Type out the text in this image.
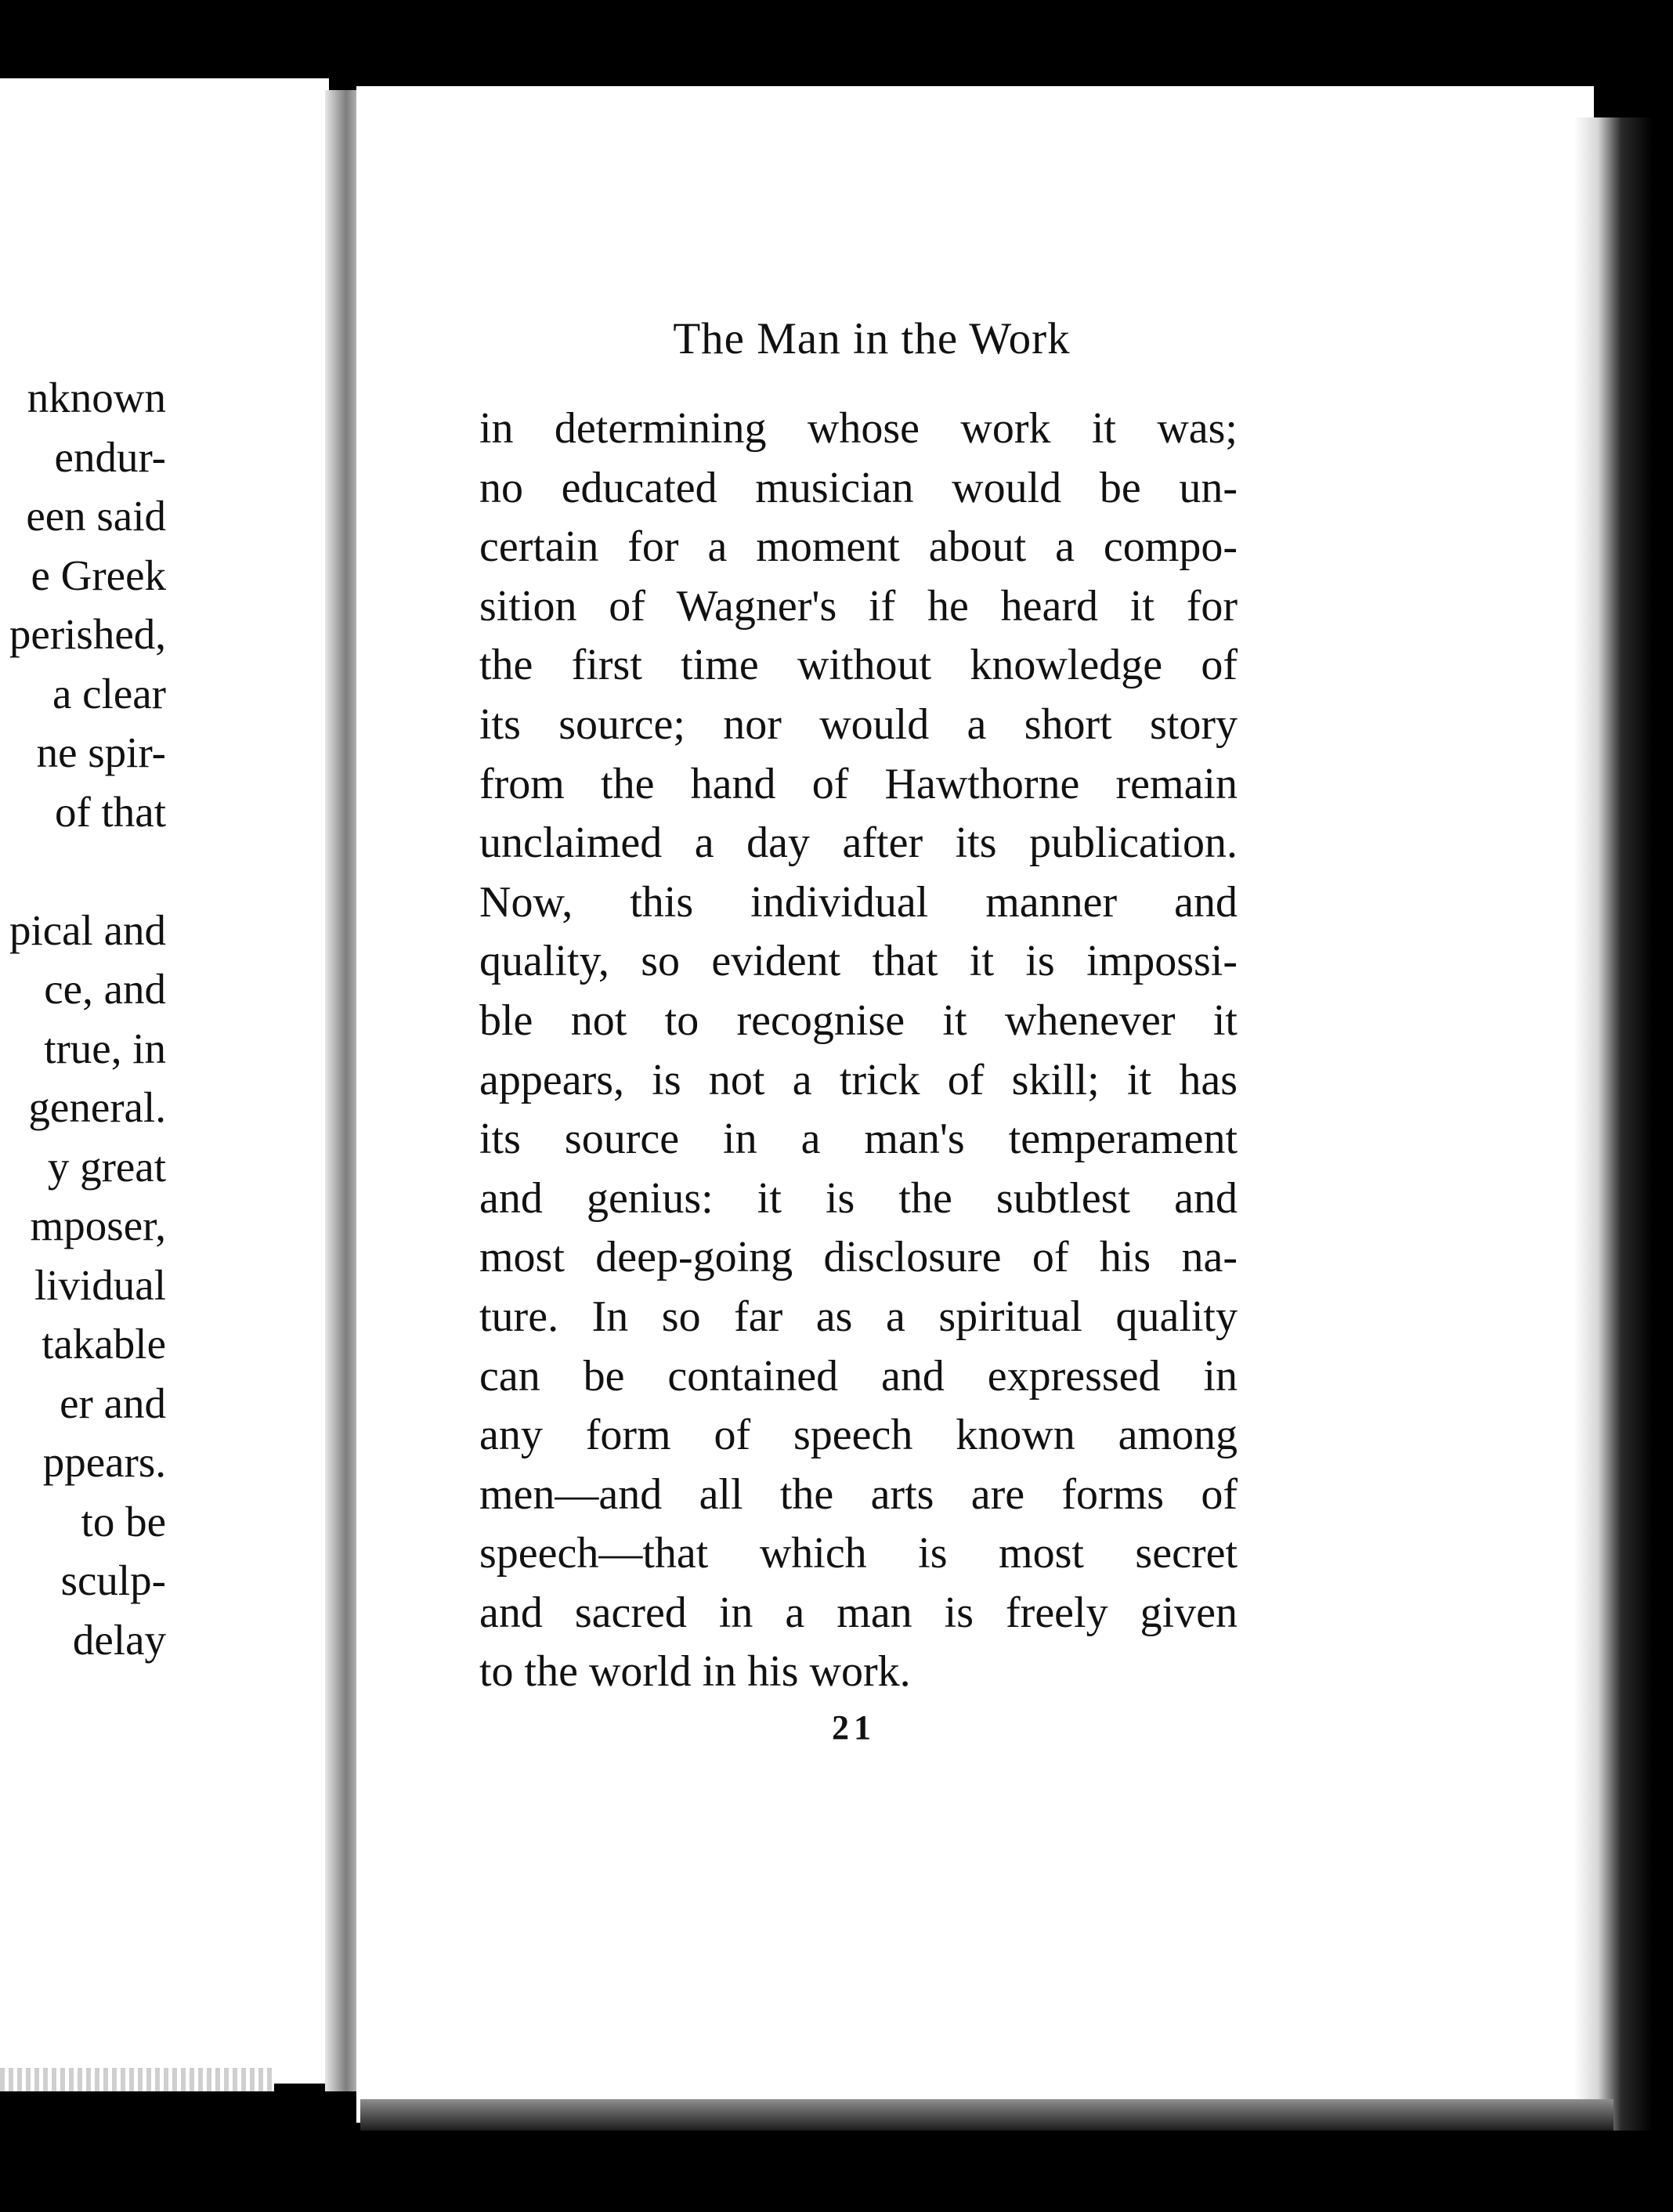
nknown
endur-
een said
e Greek
perished,
a clear
ne spir-
of that
pical and
ce, and
true, in
general.
y great
mposer,
lividual
takable
er and
ppears.
to be
sculp-
delay
The Man in the Work
in determining whose work it was;
no educated musician would be un-
certain for a moment about a compo-
sition of Wagner's if he heard it for
the first time without knowledge of
its source; nor would a short story
from the hand of Hawthorne remain
unclaimed a day after its publication.
Now, this individual manner and
quality, so evident that it is impossi-
ble not to recognise it whenever it
appears, is not a trick of skill; it has
its source in a man's temperament
and genius: it is the subtlest and
most deep-going disclosure of his na-
ture. In so far as a spiritual quality
can be contained and expressed in
any form of speech known among
men—and all the arts are forms of
speech—that which is most secret
and sacred in a man is freely given
to the world in his work.
21
